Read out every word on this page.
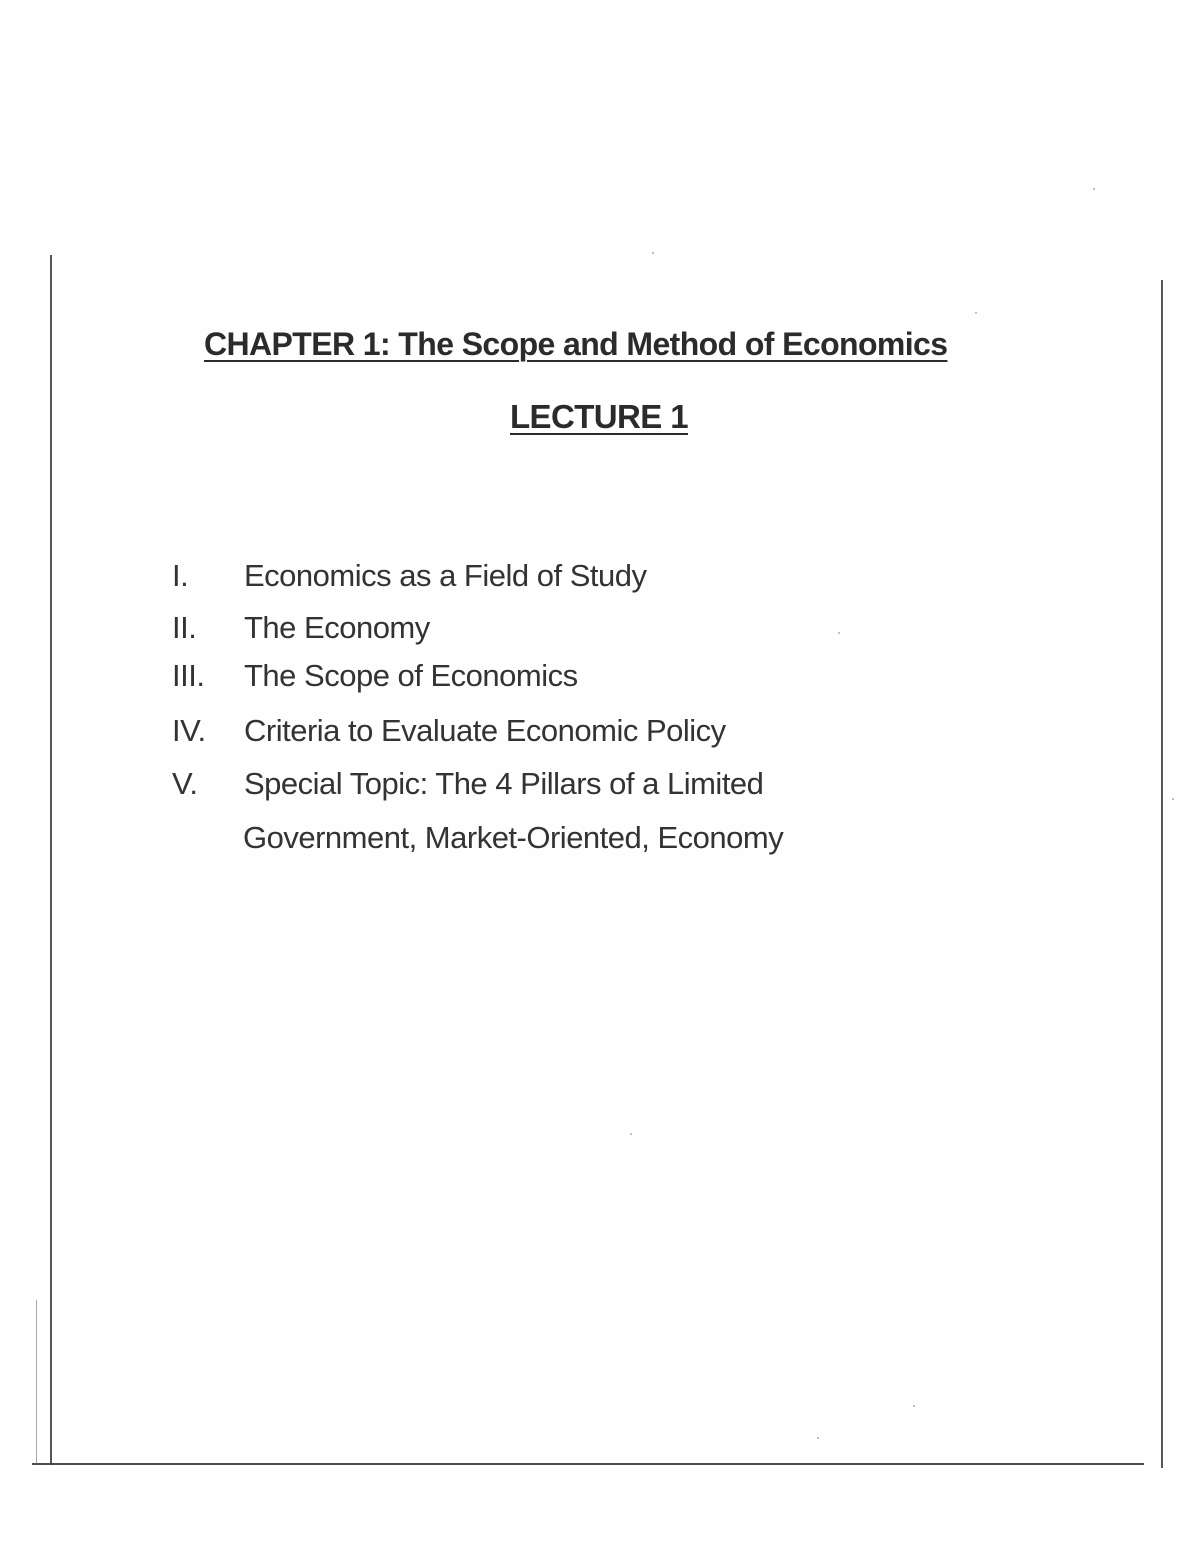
CHAPTER 1: The Scope and Method of Economics
LECTURE 1
I. Economics as a Field of Study
II. The Economy
III. The Scope of Economics
IV. Criteria to Evaluate Economic Policy
V. Special Topic: The 4 Pillars of a Limited
Government, Market-Oriented, Economy
